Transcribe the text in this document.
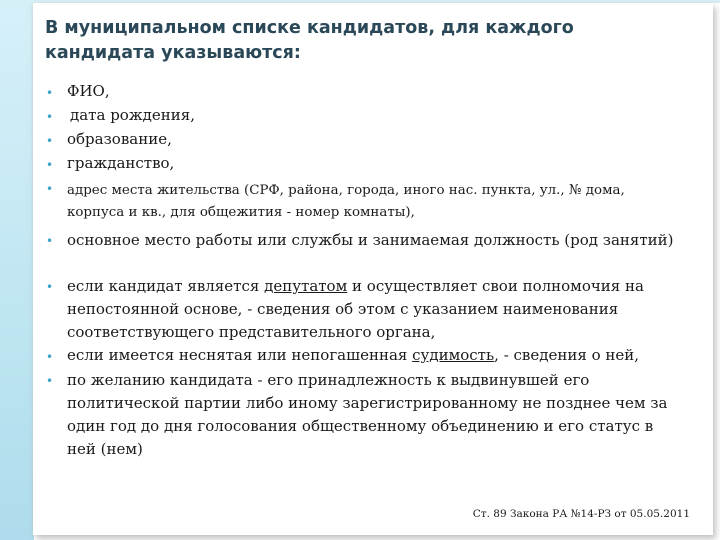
В муниципальном списке кандидатов, для каждого кандидата указываются:
•
•
•
•
•
•
•
•
•
ФИО,
дата рождения,
образование,
гражданство,
адрес места жительства (СРФ, района, города, иного нас. пункта, ул., № дома, корпуса и кв., для общежития - номер комнаты),
основное место работы или службы и занимаемая должность (род занятий)
если кандидат является депутатом и осуществляет свои полномочия на непостоянной основе, - сведения об этом с указанием наименования соответствующего представительного органа,
если имеется неснятая или непогашенная судимость, - сведения о ней,
по желанию кандидата - его принадлежность к выдвинувшей его политической партии либо иному зарегистрированному не позднее чем за один год до дня голосования общественному объединению и его статус в ней (нем)
Ст. 89 Закона РА №14-РЗ от 05.05.2011
